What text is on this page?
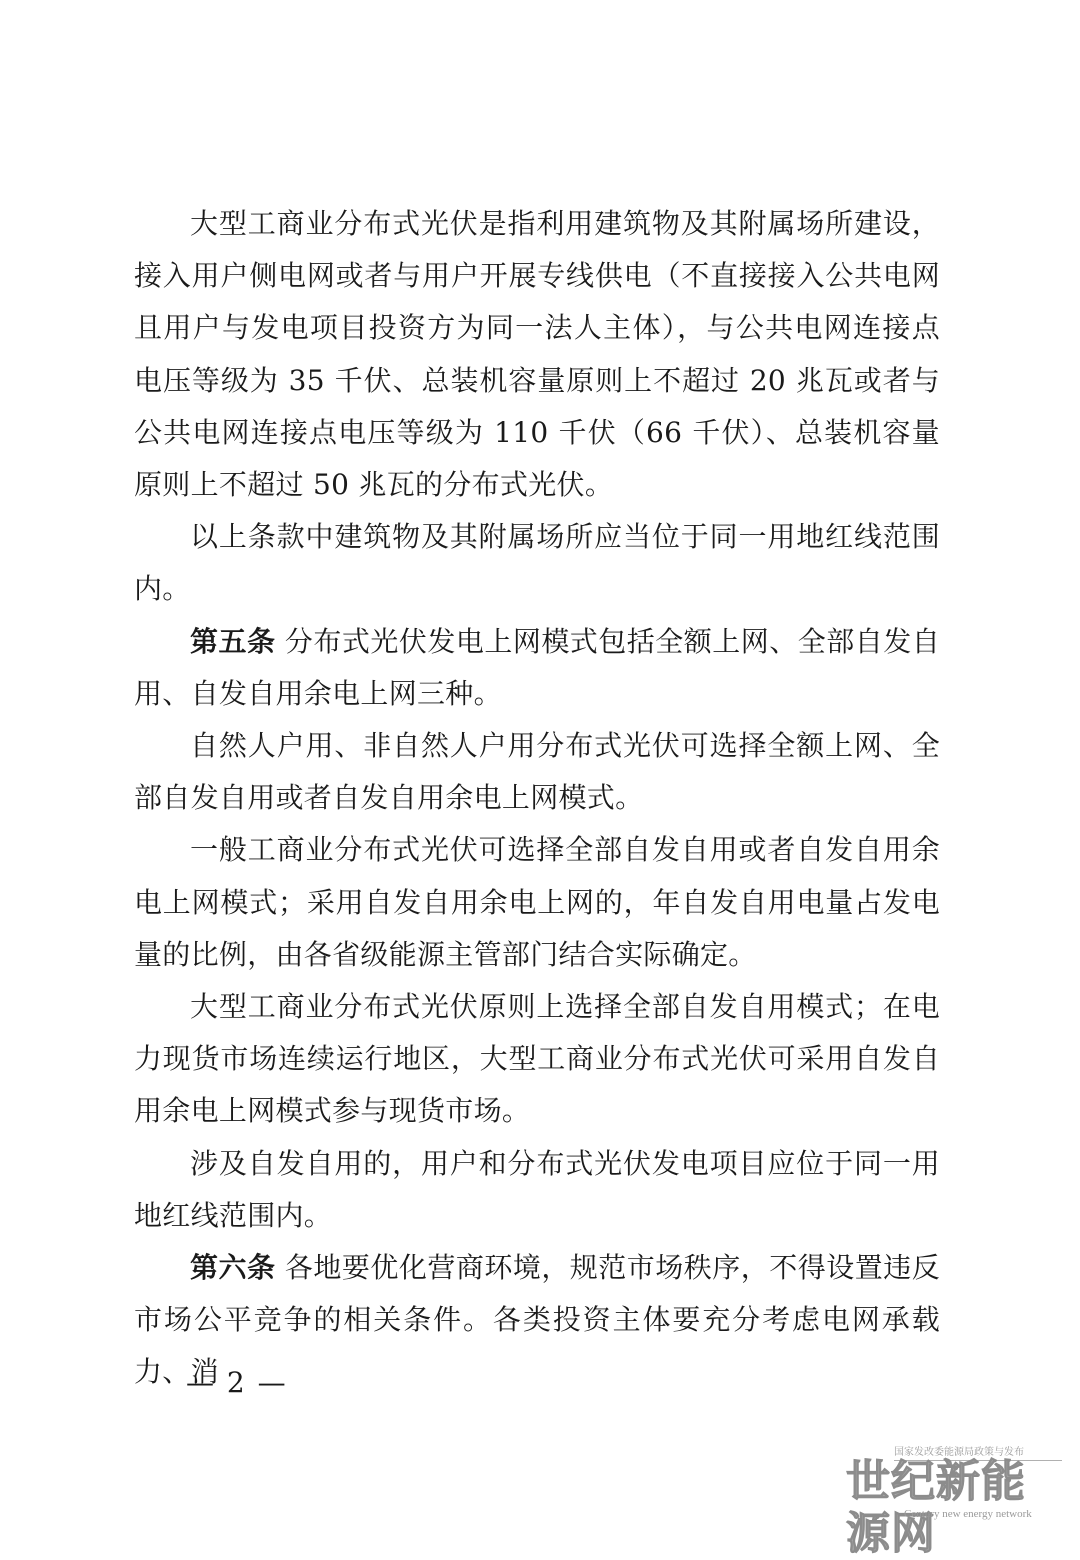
大型工商业分布式光伏是指利用建筑物及其附属场所建设，接入用户侧电网或者与用户开展专线供电（不直接接入公共电网且用户与发电项目投资方为同一法人主体），与公共电网连接点电压等级为 35 千伏、总装机容量原则上不超过 20 兆瓦或者与公共电网连接点电压等级为 110 千伏（66 千伏）、总装机容量原则上不超过 50 兆瓦的分布式光伏。

以上条款中建筑物及其附属场所应当位于同一用地红线范围内。

第五条 分布式光伏发电上网模式包括全额上网、全部自发自用、自发自用余电上网三种。

自然人户用、非自然人户用分布式光伏可选择全额上网、全部自发自用或者自发自用余电上网模式。

一般工商业分布式光伏可选择全部自发自用或者自发自用余电上网模式；采用自发自用余电上网的，年自发自用电量占发电量的比例，由各省级能源主管部门结合实际确定。

大型工商业分布式光伏原则上选择全部自发自用模式；在电力现货市场连续运行地区，大型工商业分布式光伏可采用自发自用余电上网模式参与现货市场。

涉及自发自用的，用户和分布式光伏发电项目应位于同一用地红线范围内。

第六条 各地要优化营商环境，规范市场秩序，不得设置违反市场公平竞争的相关条件。各类投资主体要充分考虑电网承载力、消

— 2 —
国家发改委能源局政策与发布
世纪新能源网
Century new energy network
